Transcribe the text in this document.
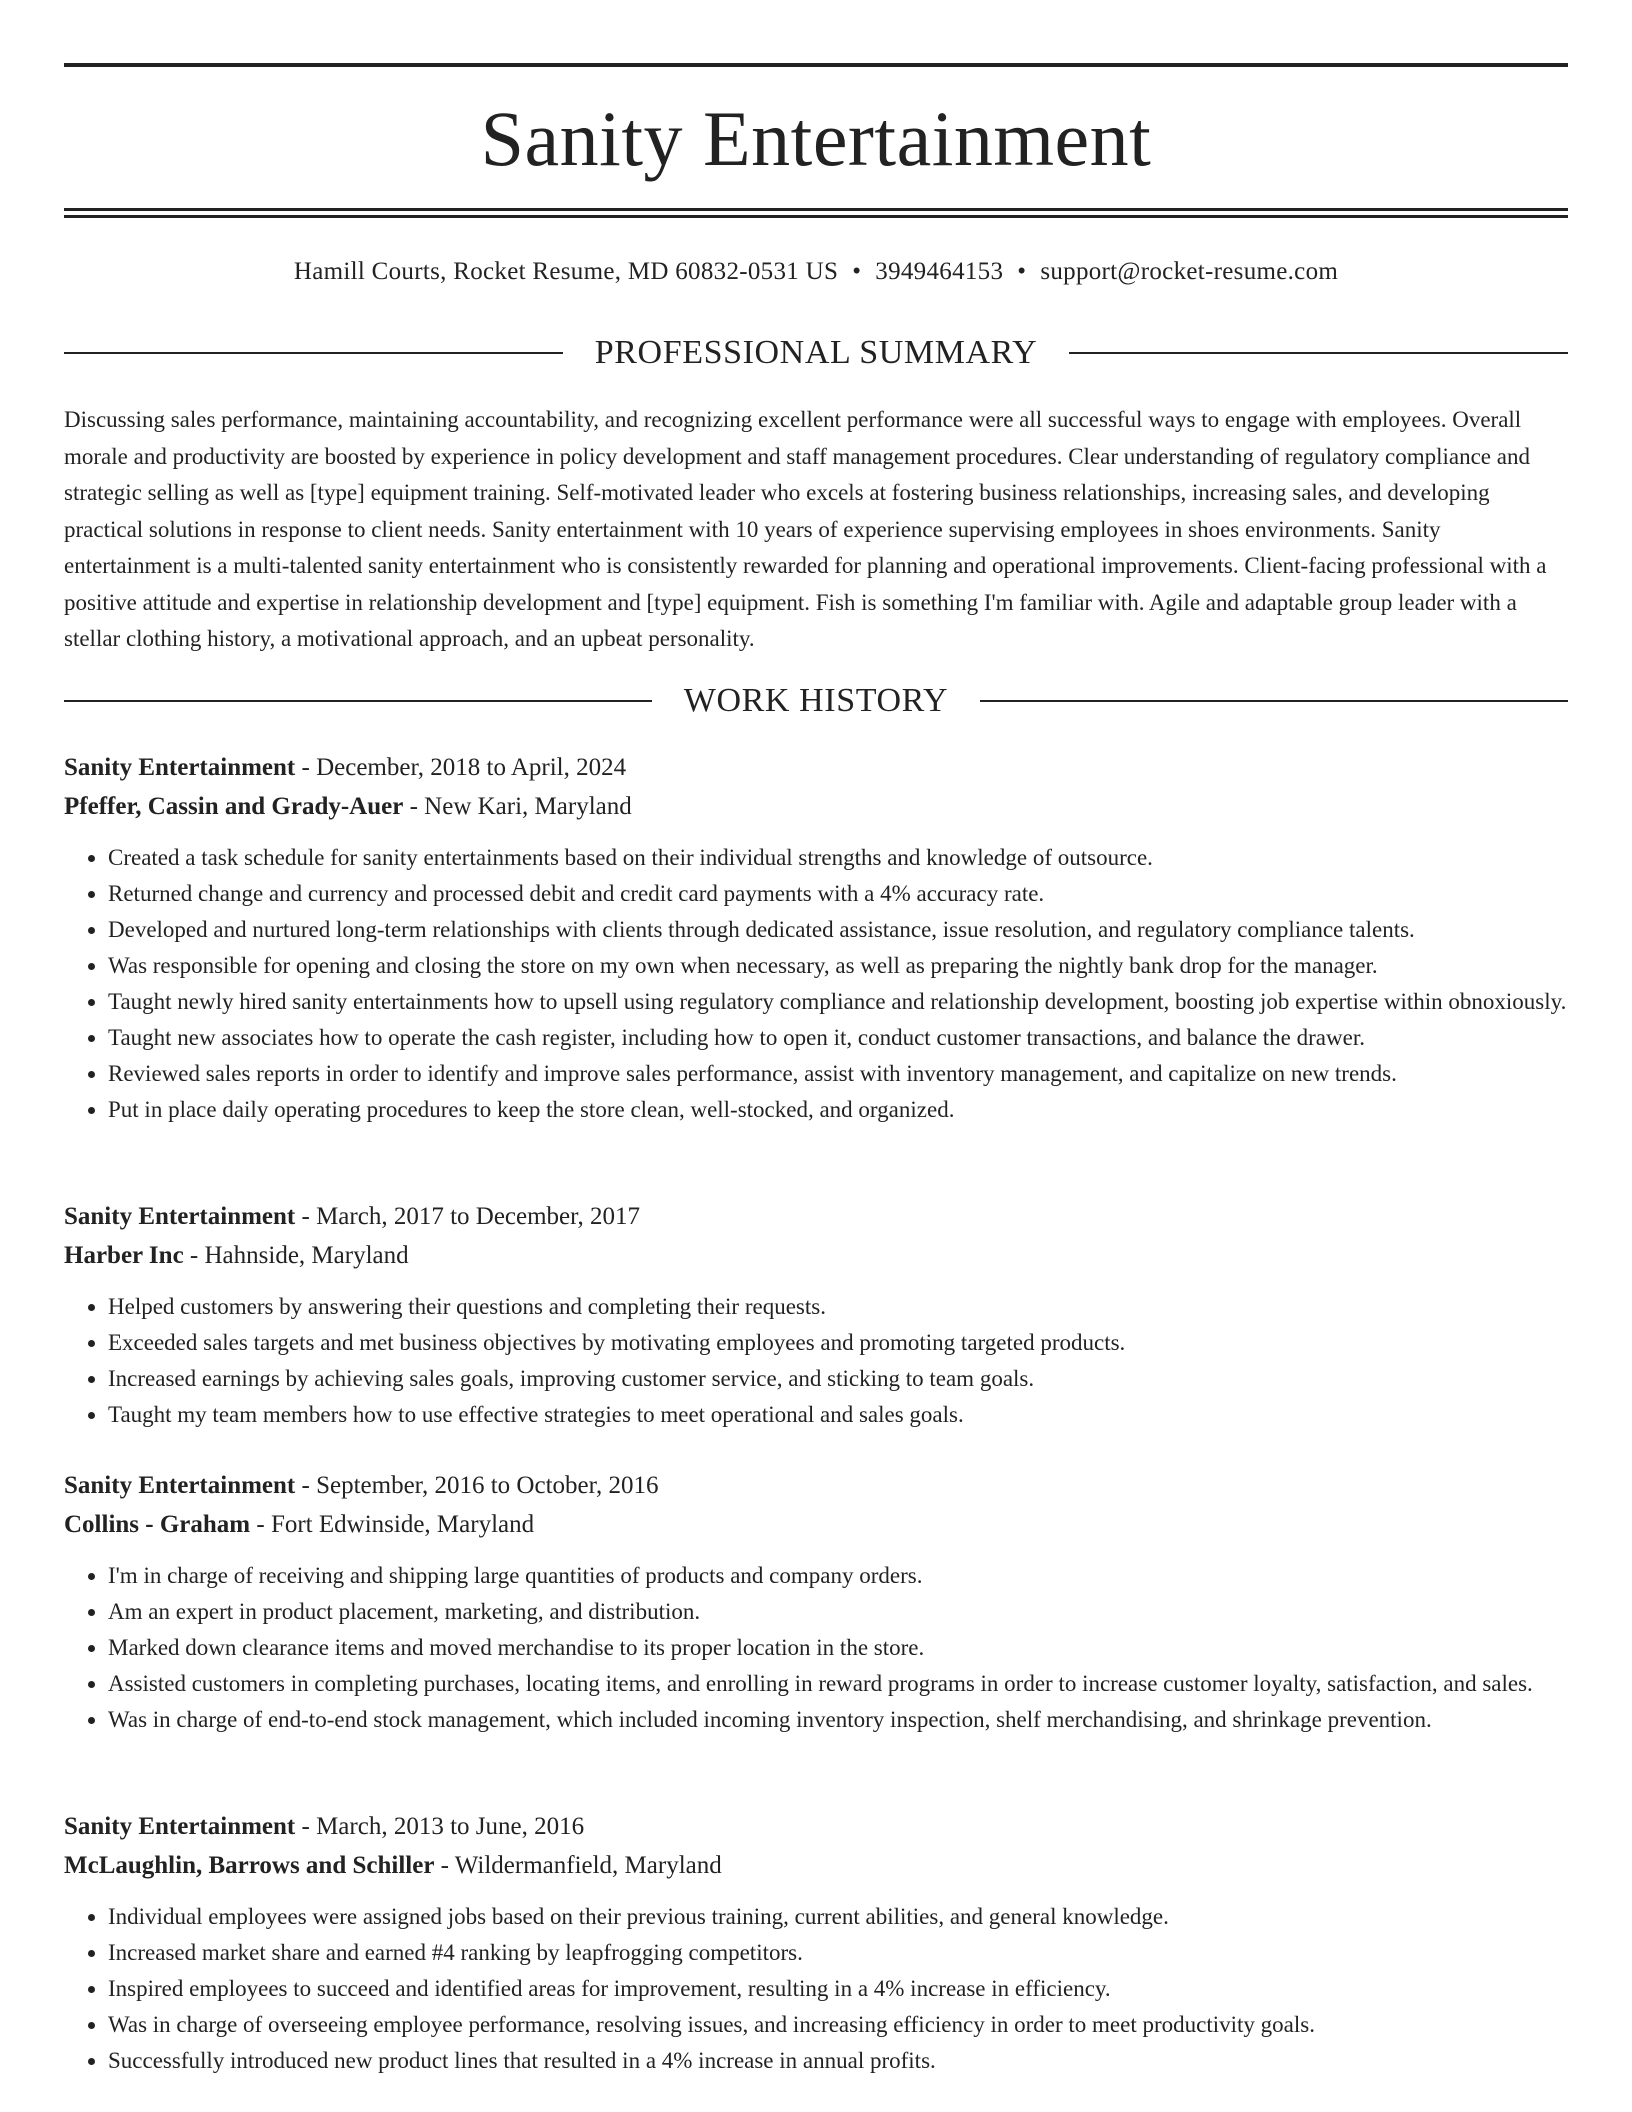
Sanity Entertainment
Hamill Courts, Rocket Resume, MD 60832-0531 US • 3949464153 • support@rocket-resume.com
PROFESSIONAL SUMMARY

Discussing sales performance, maintaining accountability, and recognizing excellent performance were all successful ways to engage with employees. Overall morale and productivity are boosted by experience in policy development and staff management procedures. Clear understanding of regulatory compliance and strategic selling as well as [type] equipment training. Self-motivated leader who excels at fostering business relationships, increasing sales, and developing practical solutions in response to client needs. Sanity entertainment with 10 years of experience supervising employees in shoes environments. Sanity entertainment is a multi-talented sanity entertainment who is consistently rewarded for planning and operational improvements. Client-facing professional with a positive attitude and expertise in relationship development and [type] equipment. Fish is something I'm familiar with. Agile and adaptable group leader with a stellar clothing history, a motivational approach, and an upbeat personality.

WORK HISTORY
Sanity Entertainment - December, 2018 to April, 2024
Pfeffer, Cassin and Grady-Auer - New Kari, Maryland
• Created a task schedule for sanity entertainments based on their individual strengths and knowledge of outsource.
• Returned change and currency and processed debit and credit card payments with a 4% accuracy rate.
• Developed and nurtured long-term relationships with clients through dedicated assistance, issue resolution, and regulatory compliance talents.
• Was responsible for opening and closing the store on my own when necessary, as well as preparing the nightly bank drop for the manager.
• Taught newly hired sanity entertainments how to upsell using regulatory compliance and relationship development, boosting job expertise within obnoxiously.
• Taught new associates how to operate the cash register, including how to open it, conduct customer transactions, and balance the drawer.
• Reviewed sales reports in order to identify and improve sales performance, assist with inventory management, and capitalize on new trends.
• Put in place daily operating procedures to keep the store clean, well-stocked, and organized.
Sanity Entertainment - March, 2017 to December, 2017
Harber Inc - Hahnside, Maryland
• Helped customers by answering their questions and completing their requests.
• Exceeded sales targets and met business objectives by motivating employees and promoting targeted products.
• Increased earnings by achieving sales goals, improving customer service, and sticking to team goals.
• Taught my team members how to use effective strategies to meet operational and sales goals.
Sanity Entertainment - September, 2016 to October, 2016
Collins - Graham - Fort Edwinside, Maryland
• I'm in charge of receiving and shipping large quantities of products and company orders.
• Am an expert in product placement, marketing, and distribution.
• Marked down clearance items and moved merchandise to its proper location in the store.
• Assisted customers in completing purchases, locating items, and enrolling in reward programs in order to increase customer loyalty, satisfaction, and sales.
• Was in charge of end-to-end stock management, which included incoming inventory inspection, shelf merchandising, and shrinkage prevention.
Sanity Entertainment - March, 2013 to June, 2016
McLaughlin, Barrows and Schiller - Wildermanfield, Maryland
• Individual employees were assigned jobs based on their previous training, current abilities, and general knowledge.
• Increased market share and earned #4 ranking by leapfrogging competitors.
• Inspired employees to succeed and identified areas for improvement, resulting in a 4% increase in efficiency.
• Was in charge of overseeing employee performance, resolving issues, and increasing efficiency in order to meet productivity goals.
• Successfully introduced new product lines that resulted in a 4% increase in annual profits.
